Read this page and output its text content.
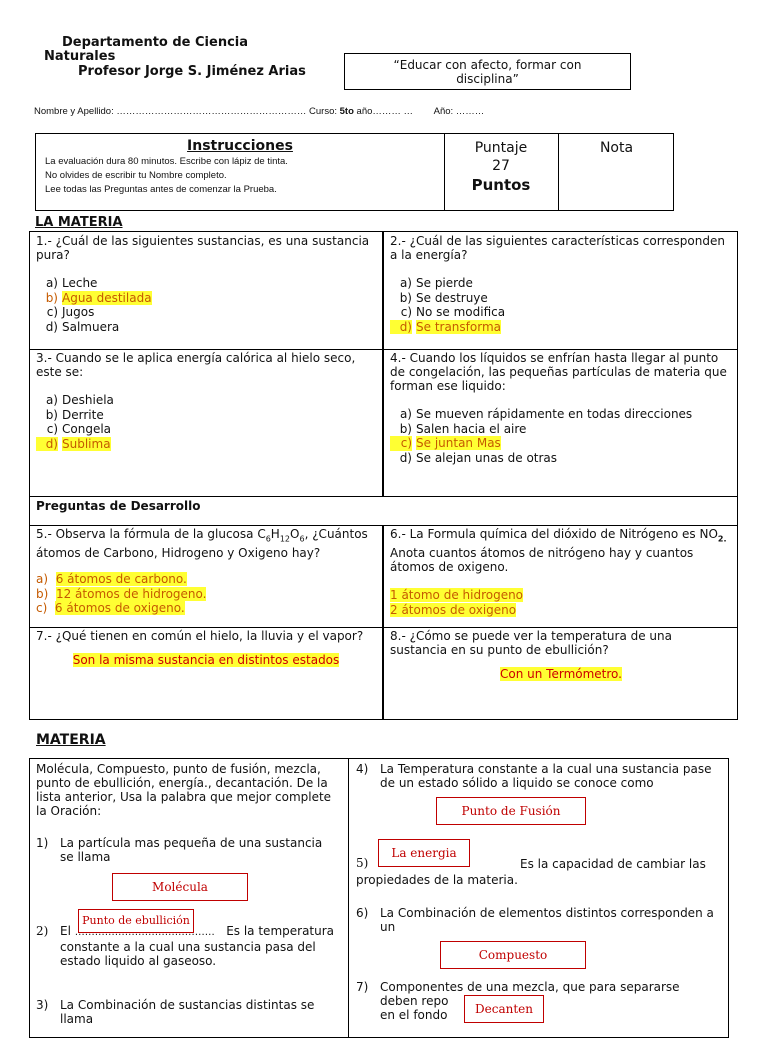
Departamento de Ciencia
Naturales
Profesor Jorge S. Jiménez Arias	“Educar con afecto, formar con disciplina”
Nombre y Apellido: …………………………………………………… Curso: 5to año……… … Año: ………
Instrucciones
La evaluación dura 80 minutos. Escribe con lápiz de tinta.
No olvides de escribir tu Nombre completo.
Lee todas las Preguntas antes de comenzar la Prueba.
Puntaje
27
Puntos
Nota
LA MATERIA
1.- ¿Cuál de las siguientes sustancias, es una sustancia pura?
a) Leche
b) Agua destilada
c) Jugos
d) Salmuera
2.- ¿Cuál de las siguientes características corresponden a la energía?
a) Se pierde
b) Se destruye
c) No se modifica
d) Se transforma
3.- Cuando se le aplica energía calórica al hielo seco, este se:
a) Deshiela
b) Derrite
c) Congela
d) Sublima
4.- Cuando los líquidos se enfrían hasta llegar al punto de congelación, las pequeñas partículas de materia que forman ese liquido:
a) Se mueven rápidamente en todas direcciones
b) Salen hacia el aire
c) Se juntan Mas
d) Se alejan unas de otras
Preguntas de Desarrollo
5.- Observa la fórmula de la glucosa $C_6H_{12}O_6$, ¿Cuántos átomos de Carbono, Hidrogeno y Oxigeno hay?
a) 6 átomos de carbono.
b) 12 átomos de hidrogeno.
c) 6 átomos de oxigeno.
6.- La Formula química del dióxido de Nitrógeno es $NO_{2.}$
Anota cuantos átomos de nitrógeno hay y cuantos átomos de oxigeno.
1 átomo de hidrogeno
2 átomos de oxigeno
7.- ¿Qué tienen en común el hielo, la lluvia y el vapor?
Son la misma sustancia en distintos estados
8.- ¿Cómo se puede ver la temperatura de una sustancia en su punto de ebullición?
Con un Termómetro.
MATERIA
Molécula, Compuesto, punto de fusión, mezcla, punto de ebullición, energía., decantación. De la lista anterior, Usa la palabra que mejor complete la Oración:
1) La partícula mas pequeña de una sustancia se llama
Molécula
Punto de ebullición
2) El …………………………………… Es la temperatura constante a la cual una sustancia pasa del estado liquido al gaseoso.
3) La Combinación de sustancias distintas se llama
4) La Temperatura constante a la cual una sustancia pase de un estado sólido a liquido se conoce como
Punto de Fusión
La energia
5)	Es la capacidad de cambiar las propiedades de la materia.
6) La Combinación de elementos distintos corresponden a un
Compuesto
7) Componentes de una mezcla, que para separarse deben repo
en el fondo	Decanten
